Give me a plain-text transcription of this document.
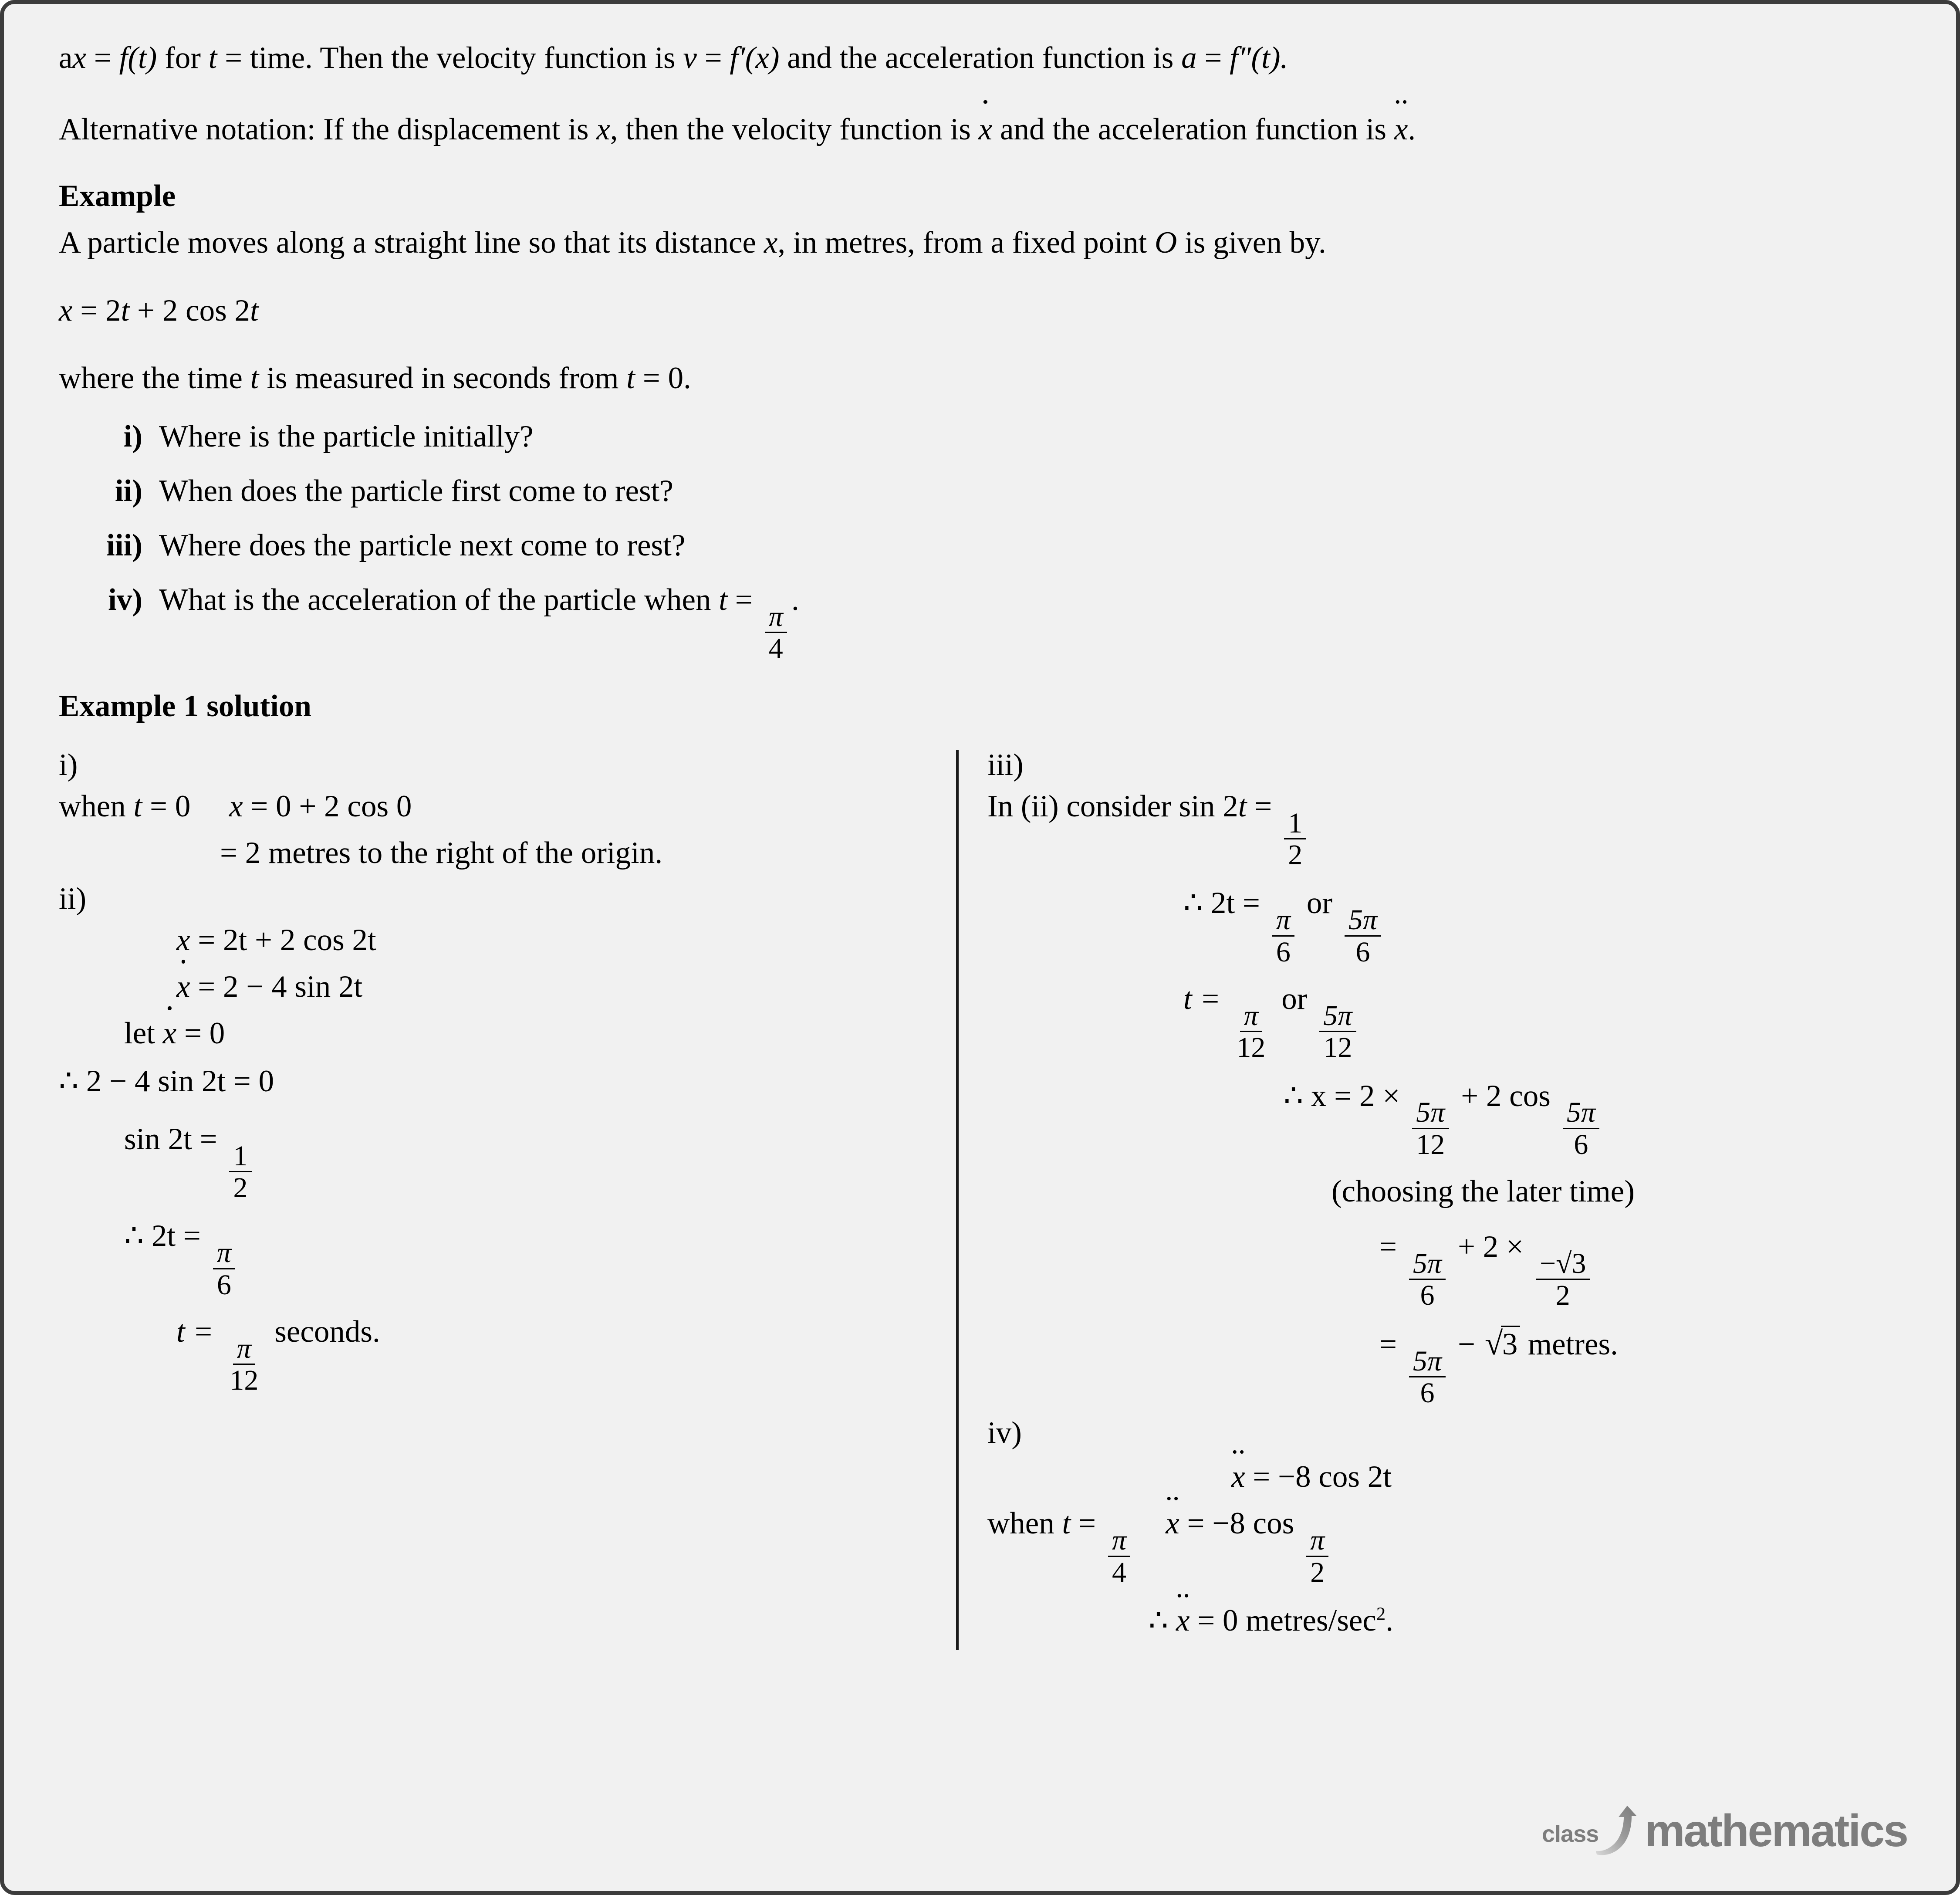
ax = f(t) for t = time. Then the velocity function is v = f′(x) and the acceleration function is a = f″(t).

Alternative notation: If the displacement is x, then the velocity function is x and the acceleration function is x.

Example

A particle moves along a straight line so that its distance x, in metres, from a fixed point O is given by.

x = 2t + 2 cos 2t

where the time t is measured in seconds from t = 0.

i) Where is the particle initially?
ii) When does the particle first come to rest?
iii) Where does the particle next come to rest?
iv) What is the acceleration of the particle when t =
$\frac{\pi}{4}$
.

Example 1 solution

i)

when t = 0 x = 0 + 2 cos 0

= 2 metres to the right of the origin.

ii)

x = 2t + 2 cos 2t

x = 2 − 4 sin 2t

let x = 0

∴ 2 − 4 sin 2t = 0

sin 2t =
$\frac{1}{2}$

∴ 2t =
$\frac{\pi}{6}$

t =
$\frac{\pi}{12}$
seconds.

iii)

In (ii) consider sin 2t =
$\frac{1}{2}$

∴ 2t =
$\frac{\pi}{6}$
or
$\frac{5\pi}{6}$

t =
$\frac{\pi}{12}$
or
$\frac{5\pi}{12}$

∴ x = 2 ×
$\frac{5\pi}{12}$
+ 2 cos
$\frac{5\pi}{6}$

(choosing the later time)

=
$\frac{5\pi}{6}$
+ 2 ×
$\frac{-√3}{2}$

=
$\frac{5\pi}{6}$
− √3 metres.

iv)

x = −8 cos 2t

when t =
$\frac{\pi}{4}$
x = −8 cos
$\frac{\pi}{2}$

∴ x = 0 metres/$\sec^2$.

class mathematics
